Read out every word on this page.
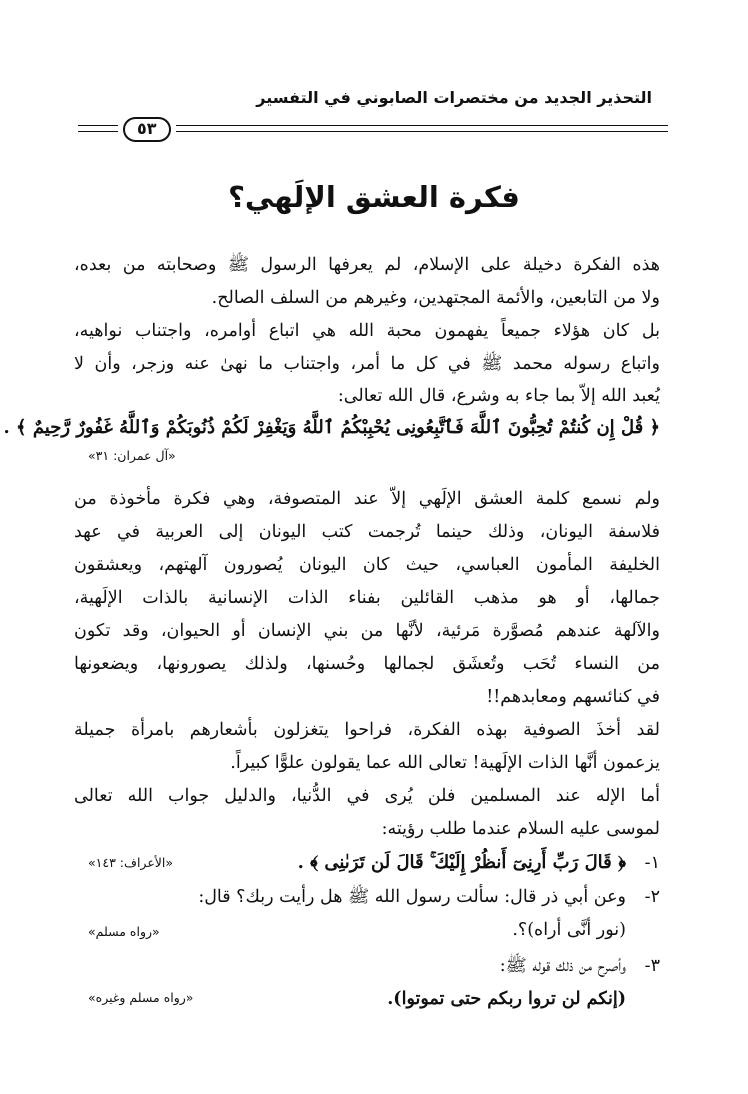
التحذير الجديد من مختصرات الصابوني في التفسير
٥٣
فكرة العشق الإلَهي؟
هذه الفكرة دخيلة على الإسلام، لم يعرفها الرسول ﷺ وصحابته من بعده،
ولا من التابعين، والأئمة المجتهدين، وغيرهم من السلف الصالح.
بل كان هؤلاء جميعاً يفهمون محبة الله هي اتباع أوامره، واجتناب نواهيه،
واتباع رسوله محمد ﷺ في كل ما أمر، واجتناب ما نهىٰ عنه وزجر، وأن لا
يُعبد الله إلاّ بما جاء به وشرع، قال الله تعالى:
﴿ قُلْ إِن كُنتُمْ تُحِبُّونَ ٱللَّهَ فَٱتَّبِعُونِى يُحْبِبْكُمُ ٱللَّهُ وَيَغْفِرْ لَكُمْ ذُنُوبَكُمْ وَٱللَّهُ غَفُورٌ رَّحِيمٌ ﴾ .
«آل عمران: ٣١»
ولم نسمع كلمة العشق الإلَهي إلاّ عند المتصوفة، وهي فكرة مأخوذة من
فلاسفة اليونان، وذلك حينما تُرجمت كتب اليونان إلى العربية في عهد
الخليفة المأمون العباسي، حيث كان اليونان يُصورون آلهتهم، ويعشقون
جمالها، أو هو مذهب القائلين بفناء الذات الإنسانية بالذات الإلَهية،
والآلهة عندهم مُصوَّرة مَرئية، لأنَّها من بني الإنسان أو الحيوان، وقد تكون
من النساء تُحَب وتُعشَق لجمالها وحُسنها، ولذلك يصورونها، ويضعونها
في كنائسهم ومعابدهم!!
لقد أخذَ الصوفية بهذه الفكرة، فراحوا يتغزلون بأشعارهم بامرأة جميلة
يزعمون أنَّها الذات الإلَهية! تعالى الله عما يقولون علوًّا كبيراً.
أما الإله عند المسلمين فلن يُرى في الدُّنيا، والدليل جواب الله تعالى
لموسى عليه السلام عندما طلب رؤيته:
١-﴿ قَالَ رَبِّ أَرِنِىٓ أَنظُرْ إِلَيْكَ ۚ قَالَ لَن تَرَىٰنِى ﴾ .
«الأعراف: ١٤٣»
٢-وعن أبي ذر قال: سألت رسول الله ﷺ هل رأيت ربك؟ قال:
(نور أنَّى أراه)؟.
«رواه مسلم»
٣-وأصرح من ذلك قوله ﷺ:
(إنكم لن تروا ربكم حتى تموتوا).
«رواه مسلم وغيره»
